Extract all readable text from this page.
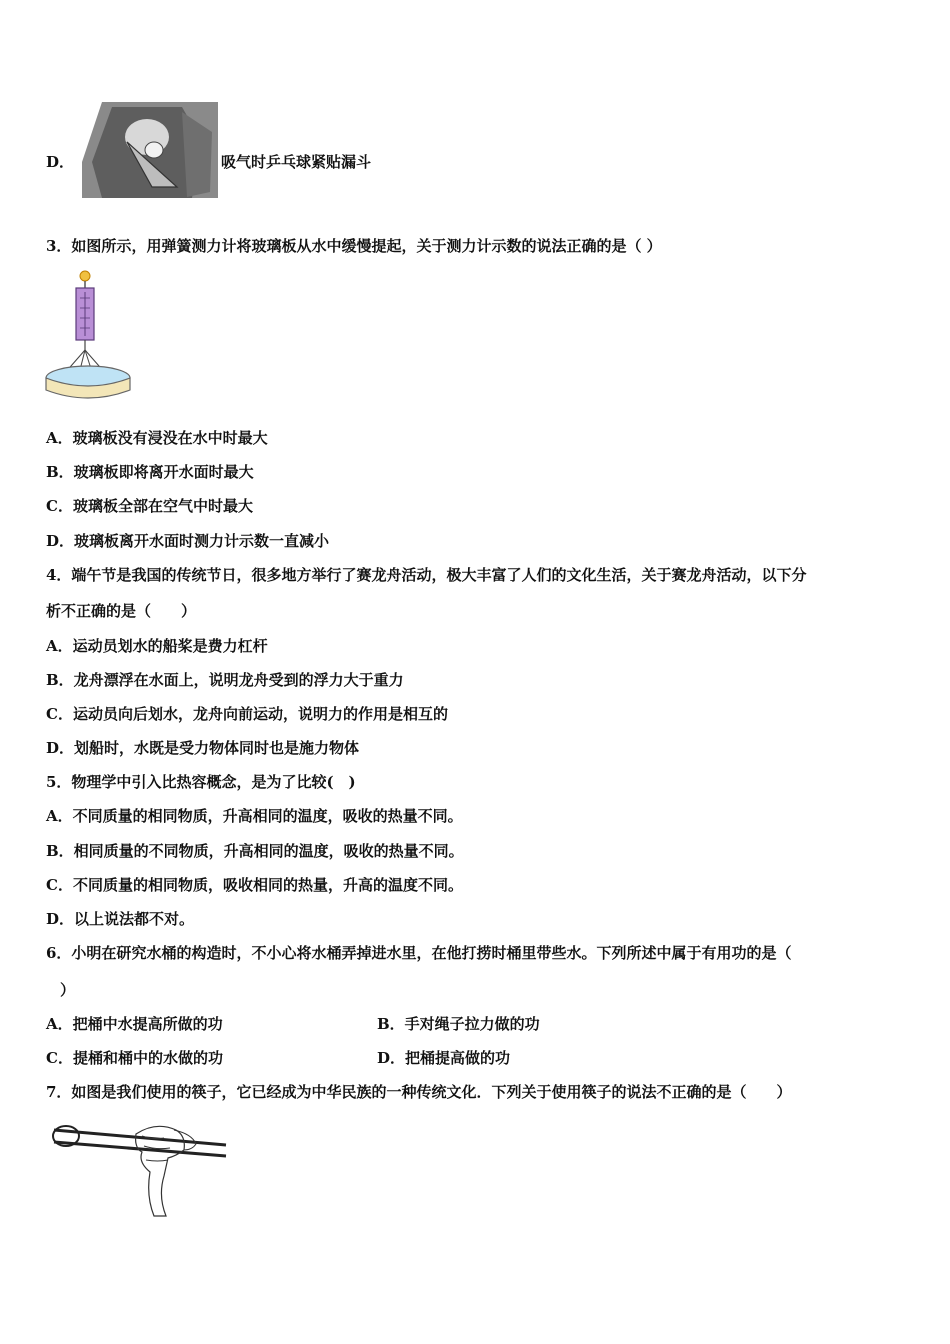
D．	吸气时乒乓球紧贴漏斗
3．如图所示，用弹簧测力计将玻璃板从水中缓慢提起，关于测力计示数的说法正确的是（ ）
A．玻璃板没有浸没在水中时最大
B．玻璃板即将离开水面时最大
C．玻璃板全部在空气中时最大
D．玻璃板离开水面时测力计示数一直减小
4．端午节是我国的传统节日，很多地方举行了赛龙舟活动，极大丰富了人们的文化生活，关于赛龙舟活动，以下分
析不正确的是（　　）
A．运动员划水的船桨是费力杠杆
B．龙舟漂浮在水面上，说明龙舟受到的浮力大于重力
C．运动员向后划水，龙舟向前运动，说明力的作用是相互的
D．划船时，水既是受力物体同时也是施力物体
5．物理学中引入比热容概念，是为了比较(　)
A．不同质量的相同物质，升高相同的温度，吸收的热量不同。
B．相同质量的不同物质，升高相同的温度，吸收的热量不同。
C．不同质量的相同物质，吸收相同的热量，升高的温度不同。
D．以上说法都不对。
6．小明在研究水桶的构造时，不小心将水桶弄掉进水里，在他打捞时桶里带些水。下列所述中属于有用功的是（
）
A．把桶中水提高所做的功	B．手对绳子拉力做的功
C．提桶和桶中的水做的功	D．把桶提高做的功
7．如图是我们使用的筷子，它已经成为中华民族的一种传统文化．下列关于使用筷子的说法不正确的是（　　）
